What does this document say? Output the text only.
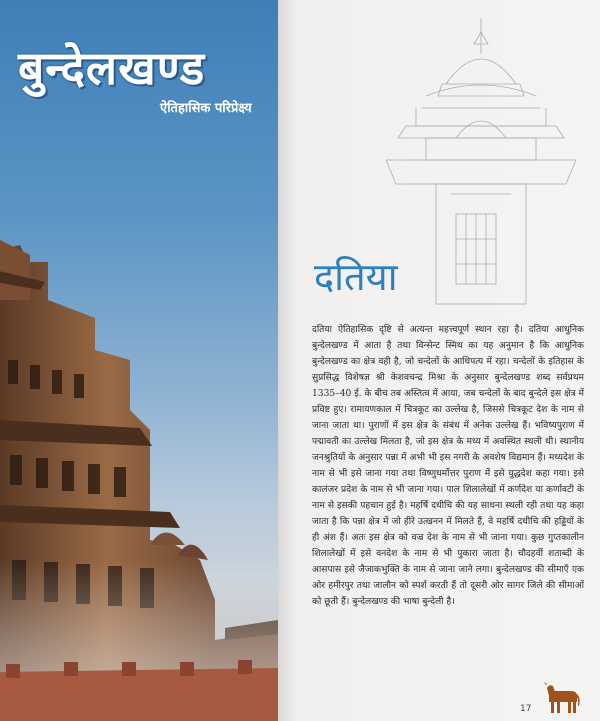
बुन्देलखण्ड
ऐतिहासिक परिप्रेक्ष्य
दतिया
दतिया ऐतिहासिक दृष्टि से अत्यन्त महत्त्वपूर्ण स्थान रहा है। दतिया आधुनिक बुन्देलखण्ड में आता है तथा विन्सेन्ट स्मिथ का यह अनुमान है कि आधुनिक बुन्देलखण्ड का क्षेत्र वही है, जो चन्देलों के आधिपत्य में रहा। चन्देलों के इतिहास के सुप्रसिद्ध विशेषज्ञ श्री केशवचन्द्र मिश्रा के अनुसार बुन्देलखण्ड शब्द सर्वप्रथम 1335–40 ई. के बीच तब अस्तित्व में आया, जब चन्देलों के बाद बुन्देले इस क्षेत्र में प्रविष्ट हुए। रामायणकाल में चित्रकूट का उल्लेख है, जिससे चित्रकूट देश के नाम से जाना जाता था। पुराणों में इस क्षेत्र के संबंध में अनेक उल्लेख हैं। भविष्यपुराण में पद्मावती का उल्लेख मिलता है, जो इस क्षेत्र के मध्य में अवस्थित स्थली थी। स्थानीय जनश्रुतियों के अनुसार पन्ना में अभी भी इस नगरी के अवशेष विद्यमान हैं। मध्यदेश के नाम से भी इसे जाना गया तथा विष्णुधर्मोत्तर पुराण में इसे युद्धदेश कहा गया। इसे कालंजर प्रदेश के नाम से भी जाना गया। पाल शिलालेखों में कर्णदेश या कर्णावटी के नाम से इसकी पहचान हुई है। महर्षि दधीचि की यह साधना स्थली रही तथा यह कहा जाता है कि पन्ना क्षेत्र में जो हीरे उत्खनन में मिलते हैं, वे महर्षि दधीचि की हड्डियों के ही अंश हैं। अतः इस क्षेत्र को वज्र देश के नाम से भी जाना गया। कुछ गुप्तकालीन शिलालेखों में इसे वनदेश के नाम से भी पुकारा जाता है। चौदहवीं शताब्दी के आसपास इसे जैजाकभुक्ति के नाम से जाना जाने लगा। बुन्देलखण्ड की सीमाएँ एक ओर हमीरपुर तथा जालौन को स्पर्श करती हैं तो दूसरी ओर सागर जिले की सीमाओं को छूती हैं। बुन्देलखण्ड की भाषा बुन्देली है।
17
